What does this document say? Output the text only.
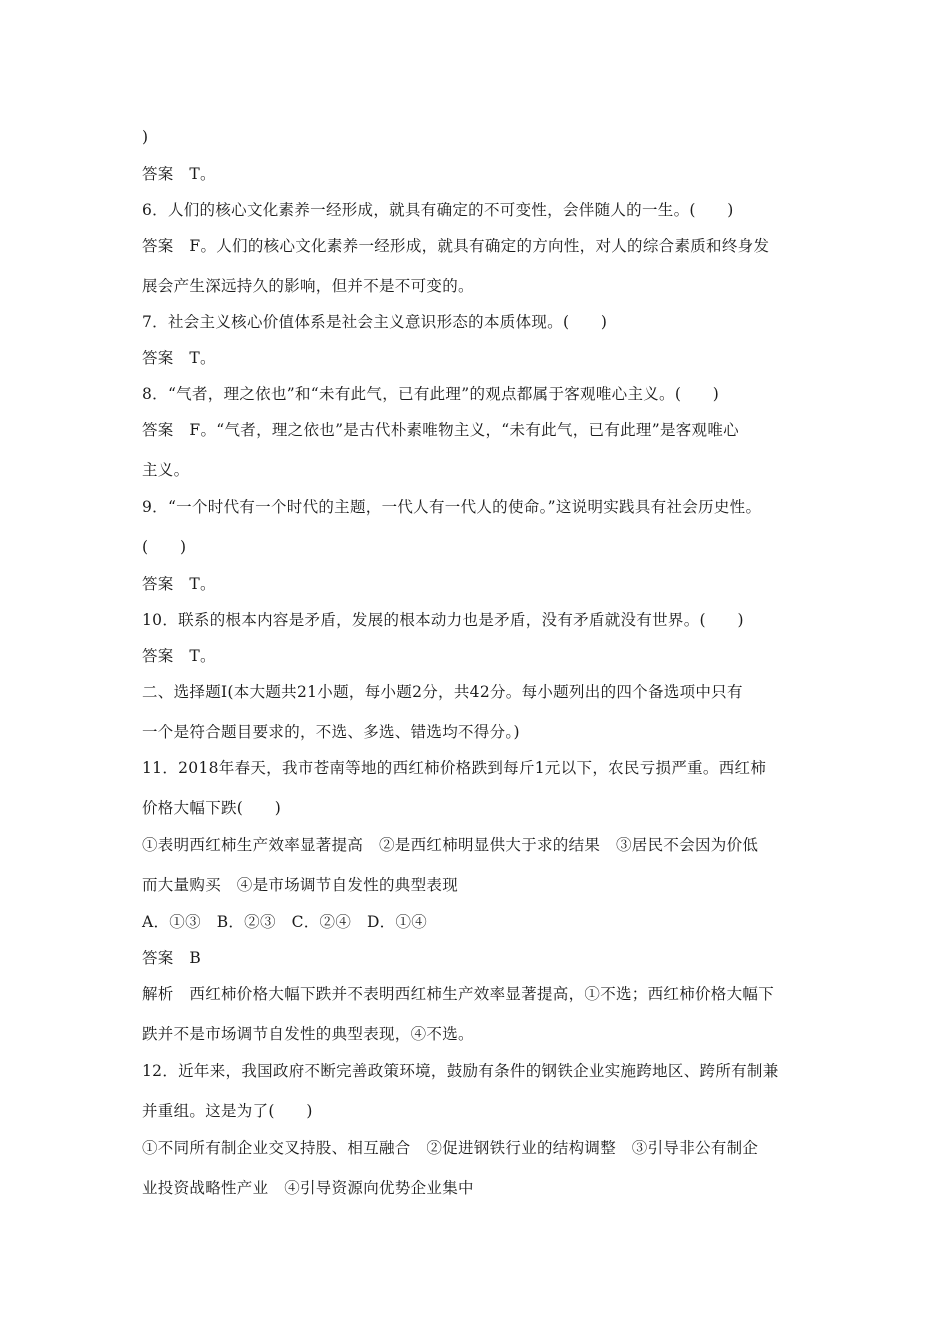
)
答案　T。
6．人们的核心文化素养一经形成，就具有确定的不可变性，会伴随人的一生。(　　)
答案　F。人们的核心文化素养一经形成，就具有确定的方向性，对人的综合素质和终身发
展会产生深远持久的影响，但并不是不可变的。
7．社会主义核心价值体系是社会主义意识形态的本质体现。(　　)
答案　T。
8．“气者，理之依也”和“未有此气，已有此理”的观点都属于客观唯心主义。(　　)
答案　F。“气者，理之依也”是古代朴素唯物主义，“未有此气，已有此理”是客观唯心
主义。
9．“一个时代有一个时代的主题，一代人有一代人的使命。”这说明实践具有社会历史性。
(　　)
答案　T。
10．联系的根本内容是矛盾，发展的根本动力也是矛盾，没有矛盾就没有世界。(　　)
答案　T。
二、选择题Ⅰ(本大题共21小题，每小题2分，共42分。每小题列出的四个备选项中只有
一个是符合题目要求的，不选、多选、错选均不得分。)
11．2018年春天，我市苍南等地的西红柿价格跌到每斤1元以下，农民亏损严重。西红柿
价格大幅下跌(　　)
①表明西红柿生产效率显著提高　②是西红柿明显供大于求的结果　③居民不会因为价低
而大量购买　④是市场调节自发性的典型表现
A．①③　B．②③　C．②④　D．①④
答案　B
解析　西红柿价格大幅下跌并不表明西红柿生产效率显著提高，①不选；西红柿价格大幅下
跌并不是市场调节自发性的典型表现，④不选。
12．近年来，我国政府不断完善政策环境，鼓励有条件的钢铁企业实施跨地区、跨所有制兼
并重组。这是为了(　　)
①不同所有制企业交叉持股、相互融合　②促进钢铁行业的结构调整　③引导非公有制企
业投资战略性产业　④引导资源向优势企业集中
